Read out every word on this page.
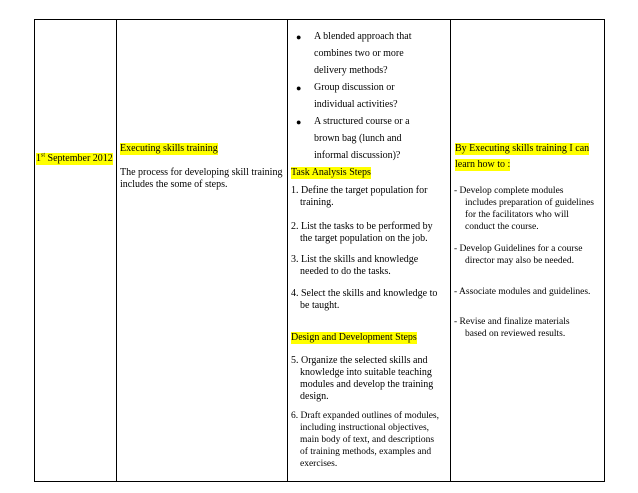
1st September 2012
Executing skills training
The process for developing skill training
includes the some of steps.
● A blended approach that
combines two or more
delivery methods?
● Group discussion or
individual activities?
● A structured course or a
brown bag (lunch and
informal discussion)?
Task Analysis Steps
1. Define the target population for
training.
2. List the tasks to be performed by
the target population on the job.
3. List the skills and knowledge
needed to do the tasks.
4. Select the skills and knowledge to
be taught.
Design and Development Steps
5. Organize the selected skills and
knowledge into suitable teaching
modules and develop the training
design.
6. Draft expanded outlines of modules,
including instructional objectives,
main body of text, and descriptions
of training methods, examples and
exercises.
By Executing skills training I can
learn how to :
- Develop complete modules
includes preparation of guidelines
for the facilitators who will
conduct the course.
- Develop Guidelines for a course
director may also be needed.
- Associate modules and guidelines.
- Revise and finalize materials
based on reviewed results.
